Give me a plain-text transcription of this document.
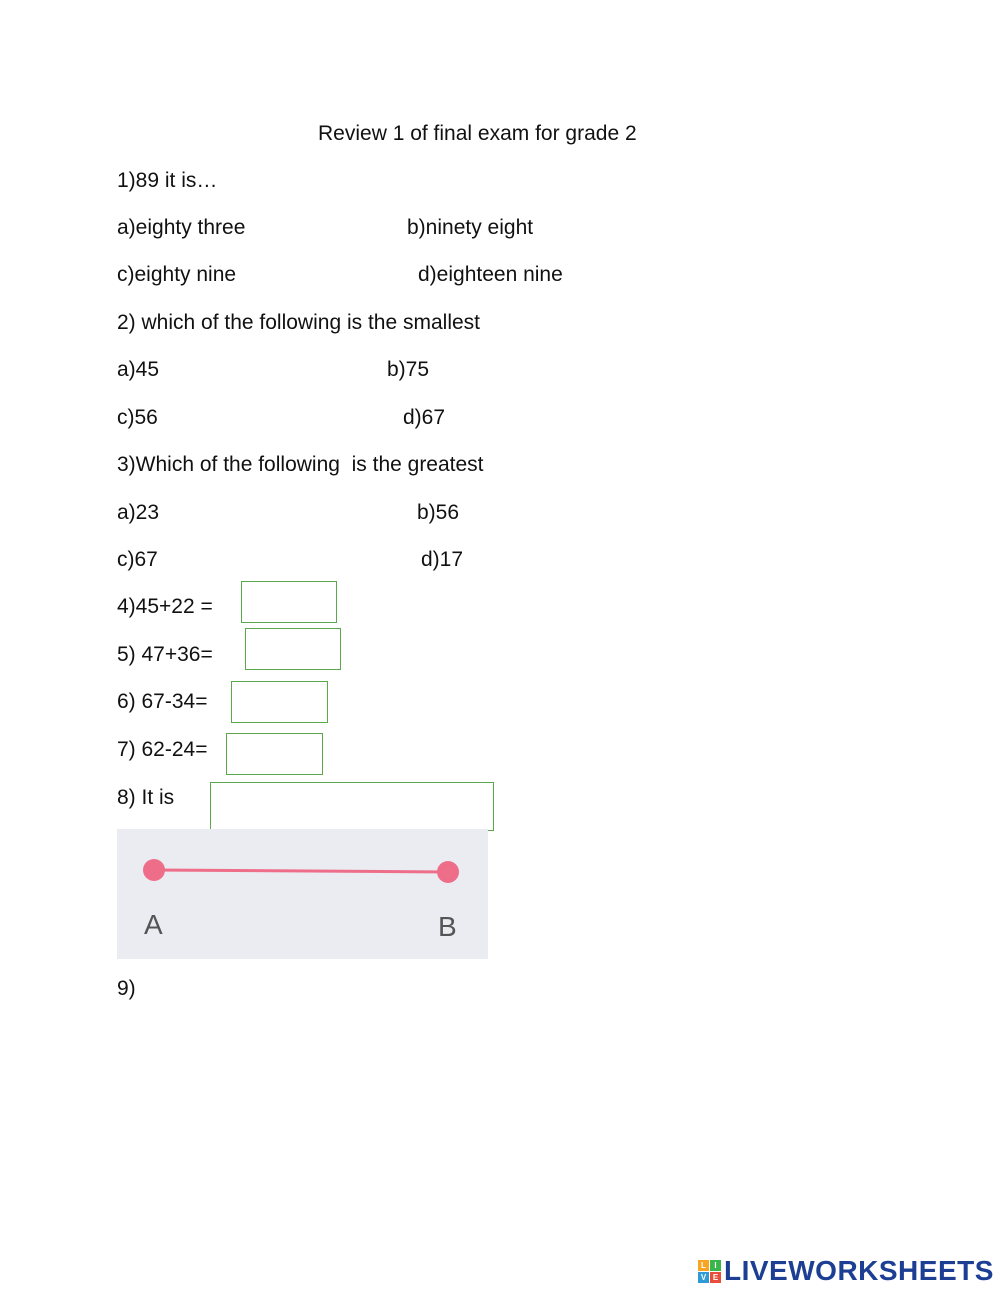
Review 1 of final exam for grade 2
1)89 it is…
a)eighty three	b)ninety eight
c)eighty nine	d)eighteen nine
2) which of the following is the smallest
a)45	b)75
c)56	d)67
3)Which of the following  is the greatest
a)23	b)56
c)67	d)17
4)45+22 =
5) 47+36=
6) 67-34=
7) 62-24=
8) It is
A	B
9)
L	I
V E LIVEWORKSHEETS
